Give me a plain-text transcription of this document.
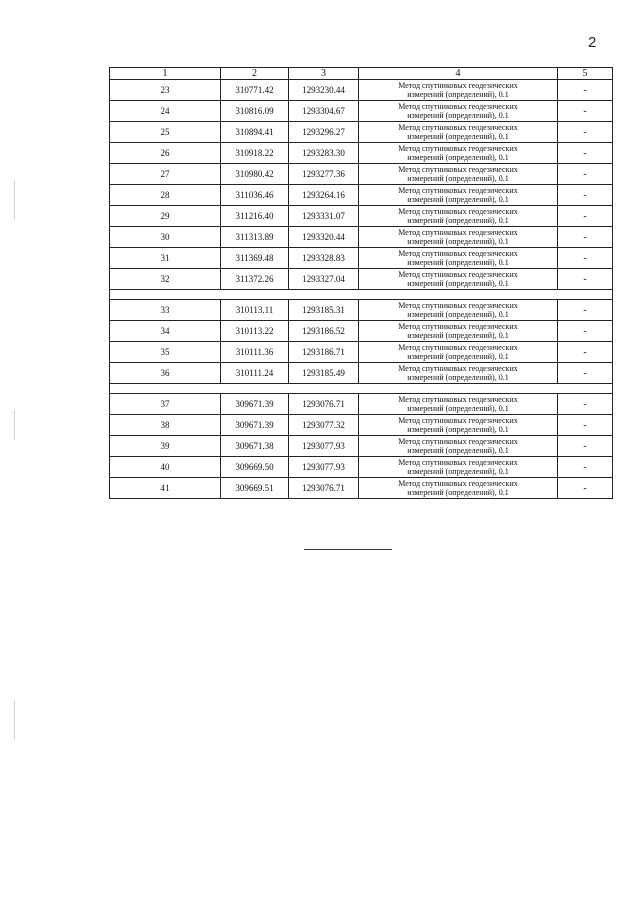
2
1	2	3	4	5
23	310771.42	1293230.44	Метод спутниковых геодезических
измерений (определений), 0.1	-
24	310816.09	1293304.67	Метод спутниковых геодезических
измерений (определений), 0.1	-
25	310894.41	1293296.27	Метод спутниковых геодезических
измерений (определений), 0.1	-
26	310918.22	1293283.30	Метод спутниковых геодезических
измерений (определений), 0.1	-
27	310980.42	1293277.36	Метод спутниковых геодезических
измерений (определений), 0.1	-
28	311036.46	1293264.16	Метод спутниковых геодезических
измерений (определений), 0.1	-
29	311216.40	1293331.07	Метод спутниковых геодезических
измерений (определений), 0.1	-
30	311313.89	1293320.44	Метод спутниковых геодезических
измерений (определений), 0.1	-
31	311369.48	1293328.83	Метод спутниковых геодезических
измерений (определений), 0.1	-
32	311372.26	1293327.04	Метод спутниковых геодезических
измерений (определений), 0.1	-

33	310113.11	1293185.31	Метод спутниковых геодезических
измерений (определений), 0.1	-
34	310113.22	1293186.52	Метод спутниковых геодезических
измерений (определений), 0.1	-
35	310111.36	1293186.71	Метод спутниковых геодезических
измерений (определений), 0.1	-
36	310111.24	1293185.49	Метод спутниковых геодезических
измерений (определений), 0.1	-

37	309671.39	1293076.71	Метод спутниковых геодезических
измерений (определений), 0.1	-
38	309671.39	1293077.32	Метод спутниковых геодезических
измерений (определений), 0.1	-
39	309671.38	1293077.93	Метод спутниковых геодезических
измерений (определений), 0.1	-
40	309669.50	1293077.93	Метод спутниковых геодезических
измерений (определений), 0.1	-
41	309669.51	1293076.71	Метод спутниковых геодезических
измерений (определений), 0.1	-
